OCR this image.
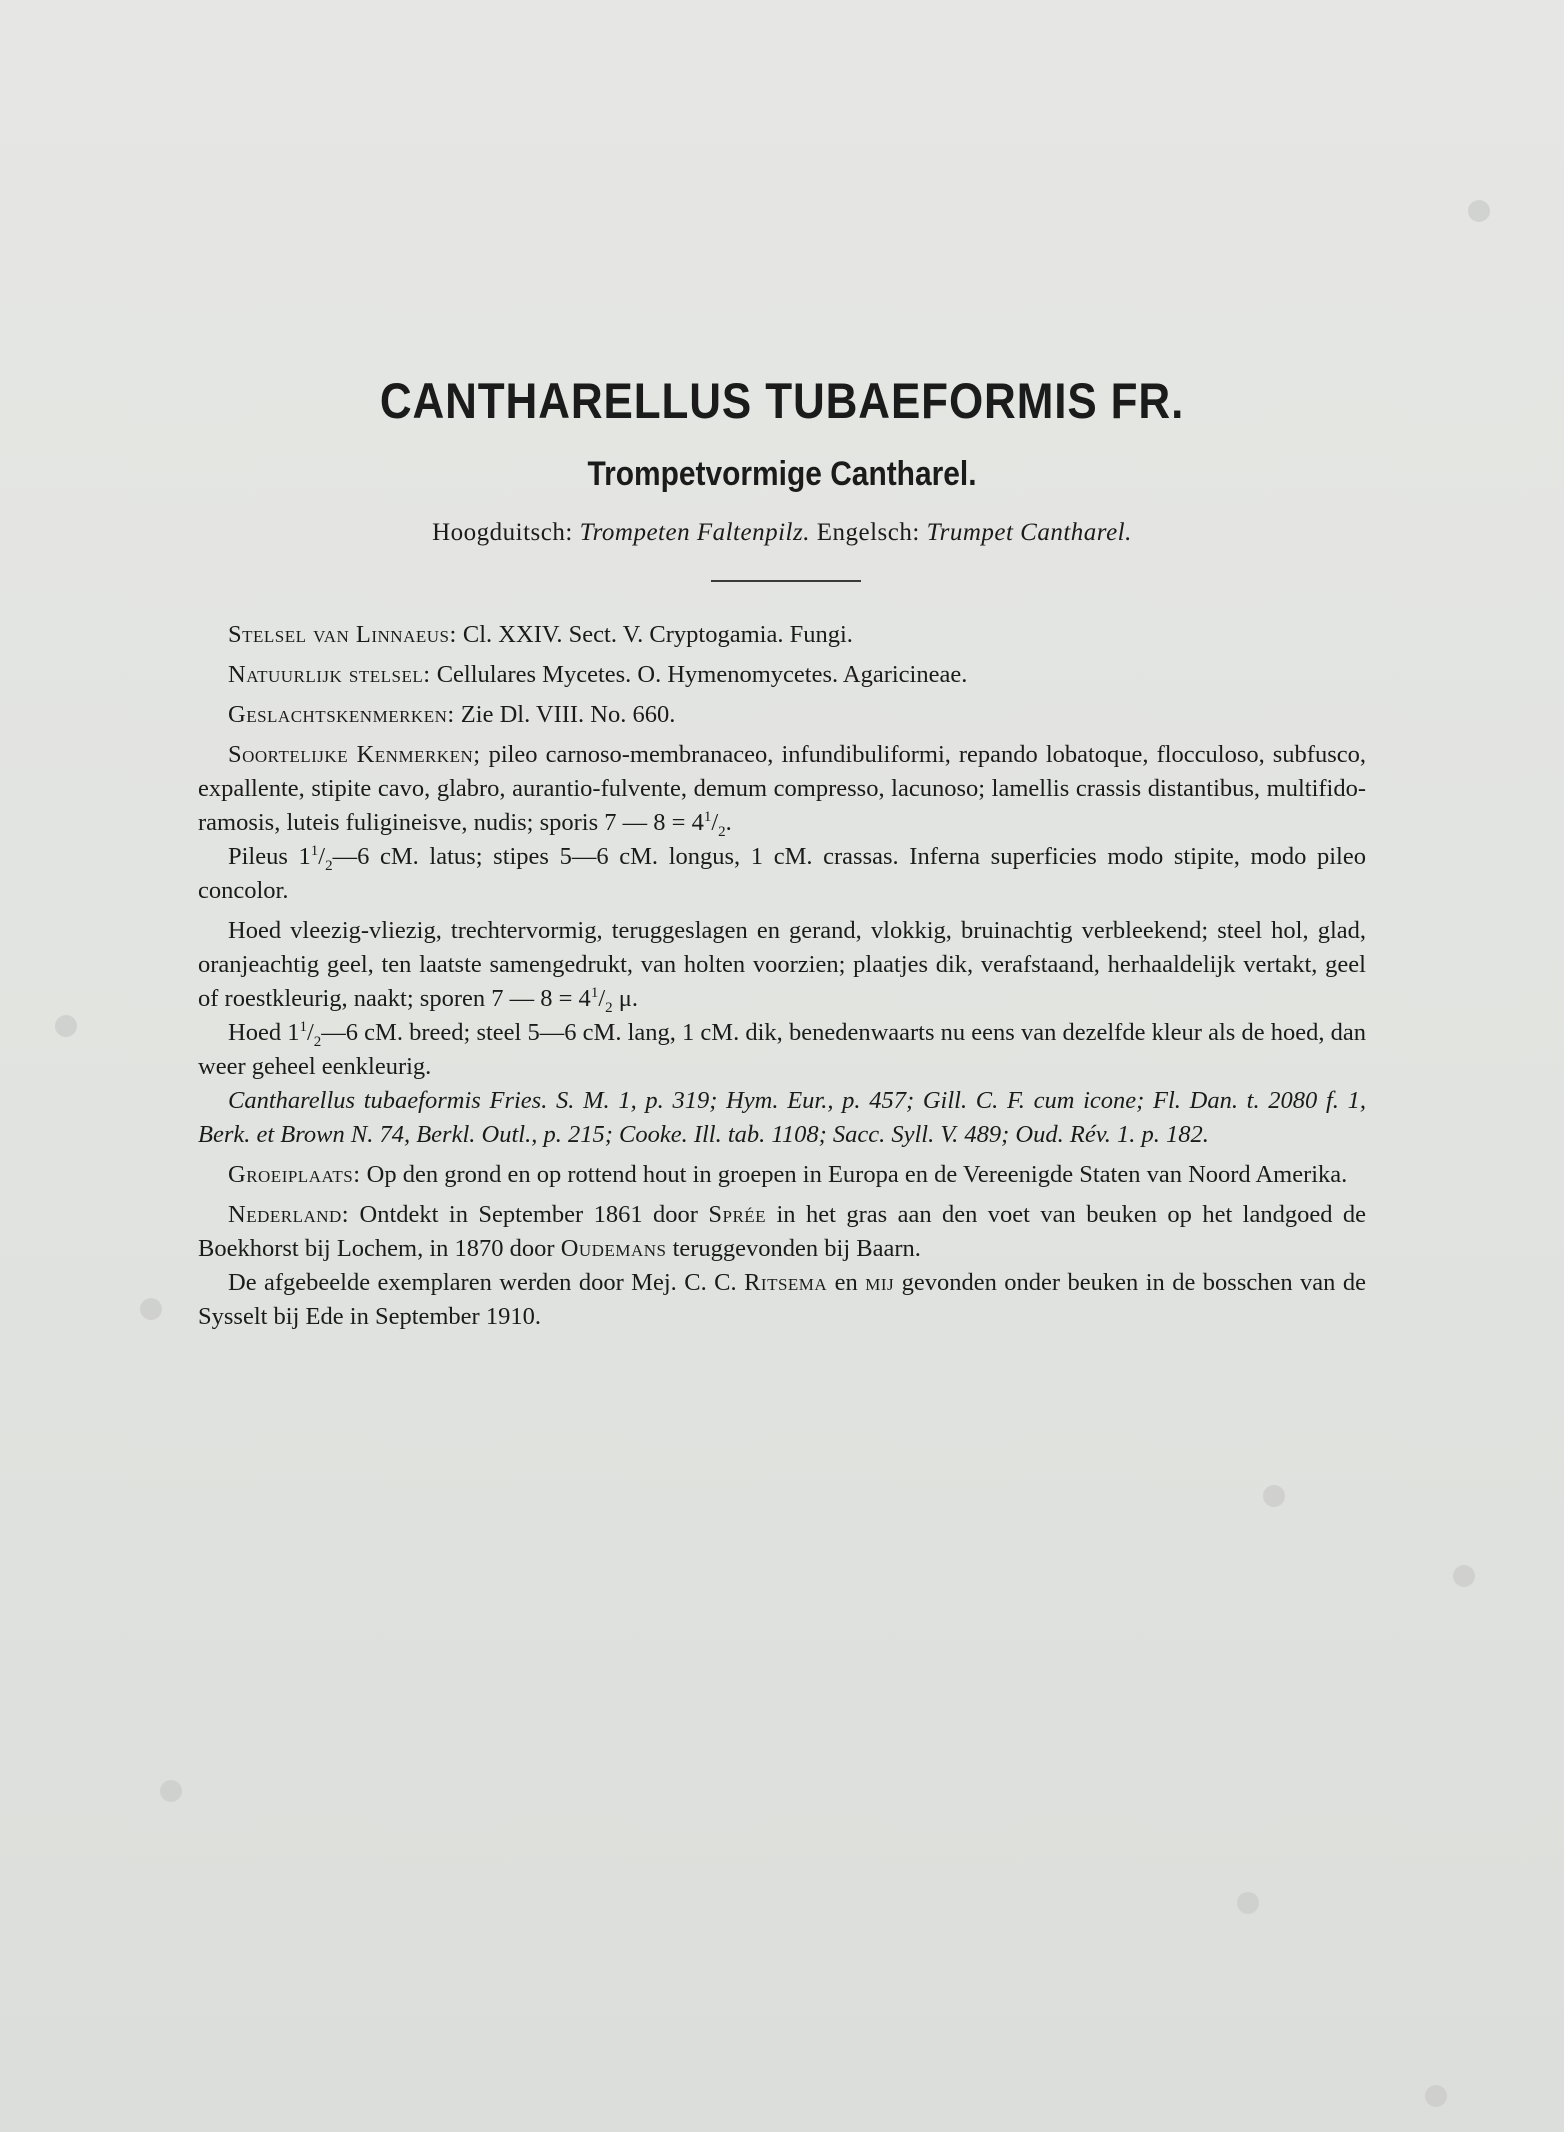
CANTHARELLUS TUBAEFORMIS FR.
Trompetvormige Cantharel.
Hoogduitsch: Trompeten Faltenpilz. Engelsch: Trumpet Cantharel.

Stelsel van Linnaeus: Cl. XXIV. Sect. V. Cryptogamia. Fungi.

Natuurlijk stelsel: Cellulares Mycetes. O. Hymenomycetes. Agaricineae.

Geslachtskenmerken: Zie Dl. VIII. No. 660.

Soortelijke Kenmerken; pileo carnoso-membranaceo, infundibuliformi, repando lobatoque, flocculoso, subfusco, expallente, stipite cavo, glabro, aurantio-fulvente, demum compresso, lacunoso; lamellis crassis distantibus, multifido-ramosis, luteis fuligineisve, nudis; sporis 7 — $8 = 4^1/_2$.

Pileus $1^1/_2—6$ cM. latus; stipes 5—6 cM. longus, 1 cM. crassas. Inferna superficies modo stipite, modo pileo concolor.

Hoed vleezig-vliezig, trechtervormig, teruggeslagen en gerand, vlokkig, bruinachtig verbleekend; steel hol, glad, oranjeachtig geel, ten laatste samengedrukt, van holten voorzien; plaatjes dik, verafstaand, herhaaldelijk vertakt, geel of roestkleurig, naakt; sporen 7 — $8 = 4^1/_2$ μ.

Hoed $1^1/_2—6$ cM. breed; steel 5—6 cM. lang, 1 cM. dik, benedenwaarts nu eens van dezelfde kleur als de hoed, dan weer geheel eenkleurig.

Cantharellus tubaeformis Fries. S. M. 1, p. 319; Hym. Eur., p. 457; Gill. C. F. cum icone; Fl. Dan. t. 2080 f. 1, Berk. et Brown N. 74, Berkl. Outl., p. 215; Cooke. Ill. tab. 1108; Sacc. Syll. V. 489; Oud. Rév. 1. p. 182.

Groeiplaats: Op den grond en op rottend hout in groepen in Europa en de Vereenigde Staten van Noord Amerika.

Nederland: Ontdekt in September 1861 door Sprée in het gras aan den voet van beuken op het landgoed de Boekhorst bij Lochem, in 1870 door Oudemans teruggevonden bij Baarn.

De afgebeelde exemplaren werden door Mej. C. C. Ritsema en mij gevonden onder beuken in de bosschen van de Sysselt bij Ede in September 1910.
